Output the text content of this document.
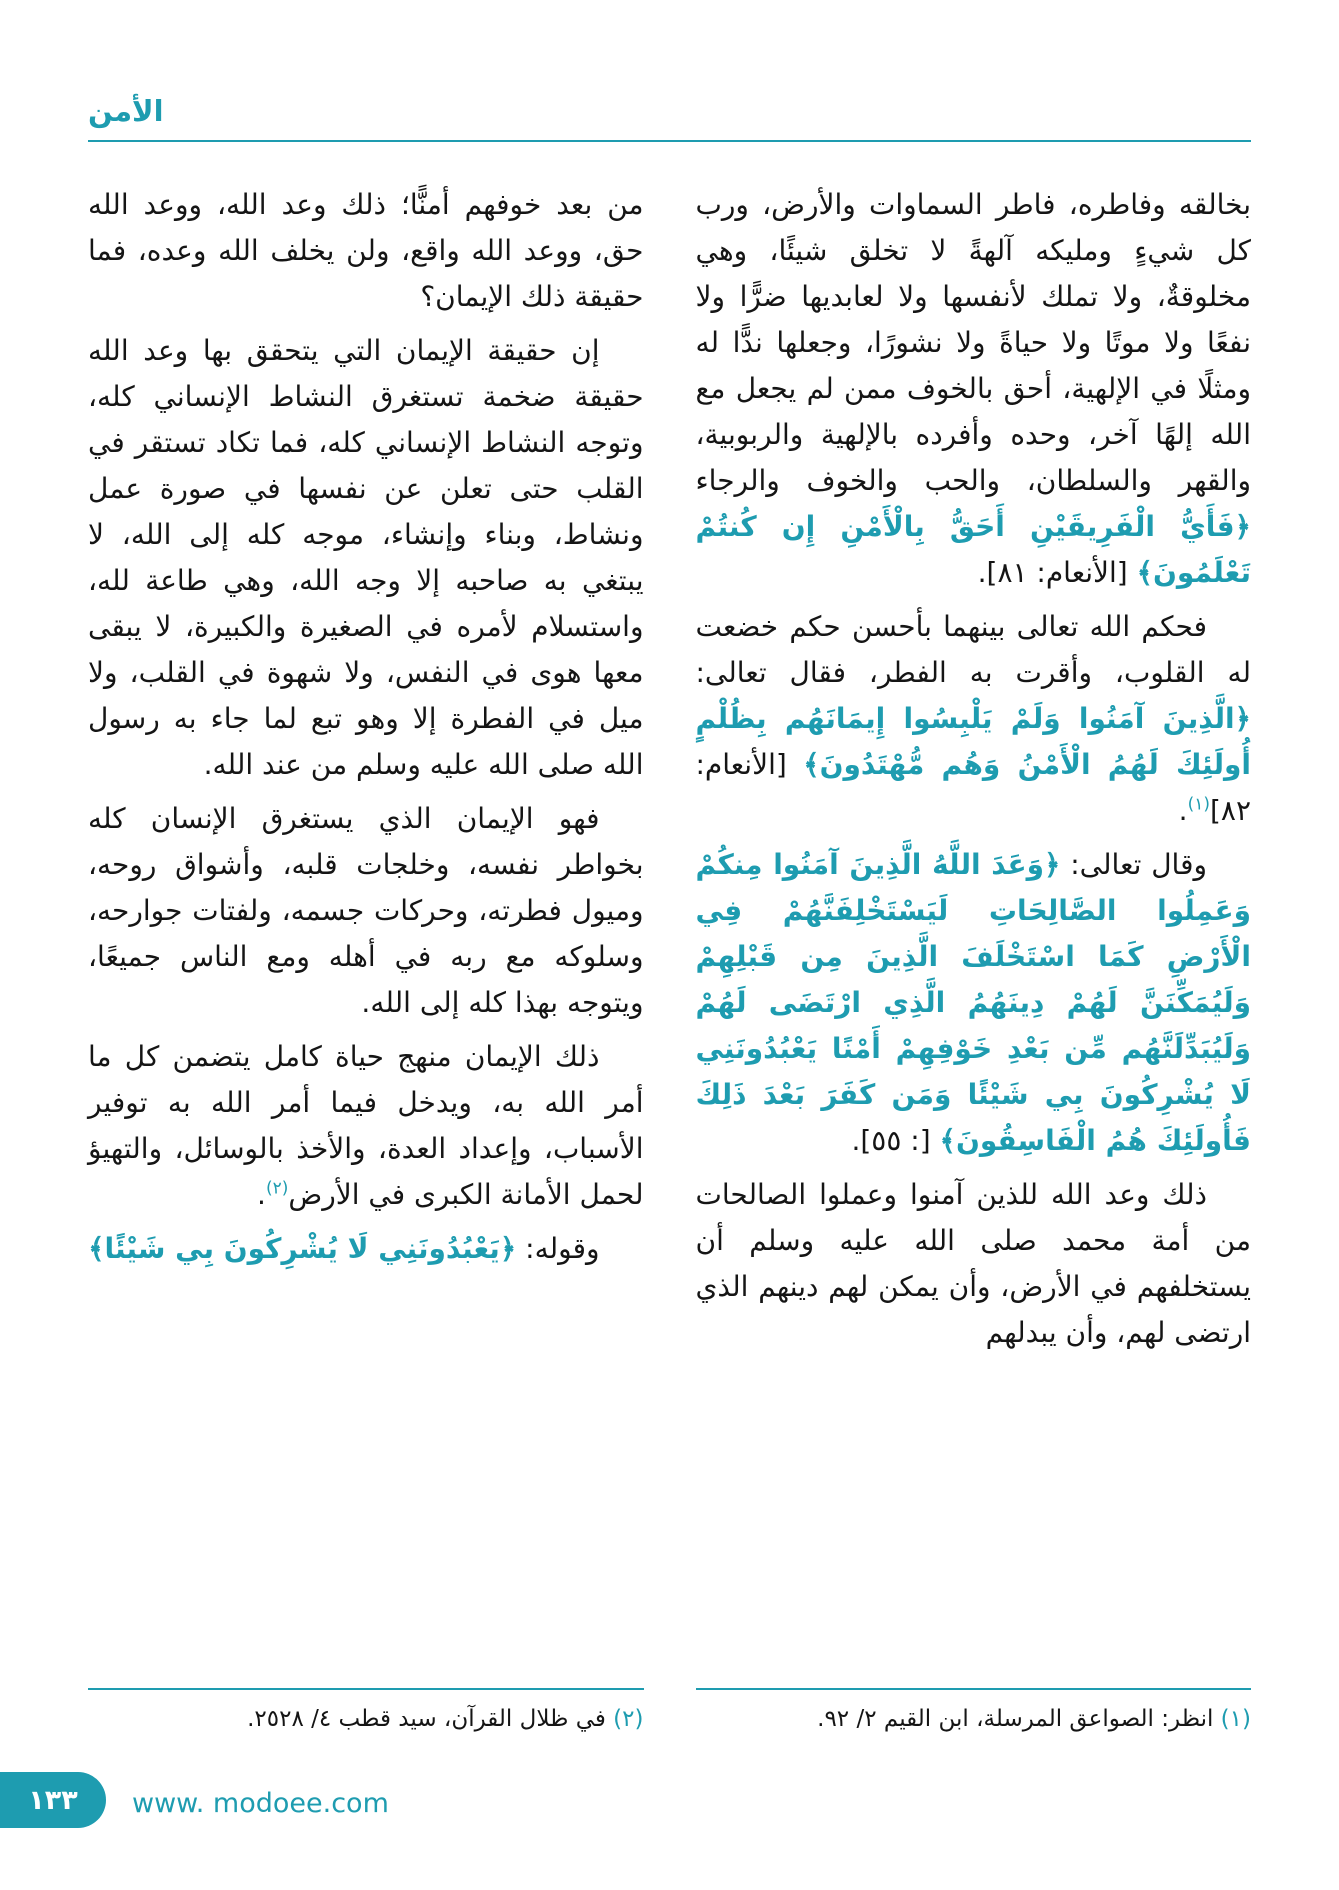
الأمن

بخالقه وفاطره، فاطر السماوات والأرض، ورب كل شيءٍ ومليكه آلهةً لا تخلق شيئًا، وهي مخلوقةٌ، ولا تملك لأنفسها ولا لعابديها ضرًّا ولا نفعًا ولا موتًا ولا حياةً ولا نشورًا، وجعلها ندًّا له ومثلًا في الإلهية، أحق بالخوف ممن لم يجعل مع الله إلهًا آخر، وحده وأفرده بالإلهية والربوبية، والقهر والسلطان، والحب والخوف والرجاء ﴿فَأَيُّ الْفَرِيقَيْنِ أَحَقُّ بِالْأَمْنِ إِن كُنتُمْ تَعْلَمُونَ﴾ [الأنعام: ٨١].

فحكم الله تعالى بينهما بأحسن حكم خضعت له القلوب، وأقرت به الفطر، فقال تعالى: ﴿الَّذِينَ آمَنُوا وَلَمْ يَلْبِسُوا إِيمَانَهُم بِظُلْمٍ أُولَئِكَ لَهُمُ الْأَمْنُ وَهُم مُّهْتَدُونَ﴾ [الأنعام: ٨٢]$^{(١)}$.

وقال تعالى: ﴿وَعَدَ اللَّهُ الَّذِينَ آمَنُوا مِنكُمْ وَعَمِلُوا الصَّالِحَاتِ لَيَسْتَخْلِفَنَّهُمْ فِي الْأَرْضِ كَمَا اسْتَخْلَفَ الَّذِينَ مِن قَبْلِهِمْ وَلَيُمَكِّنَنَّ لَهُمْ دِينَهُمُ الَّذِي ارْتَضَى لَهُمْ وَلَيُبَدِّلَنَّهُم مِّن بَعْدِ خَوْفِهِمْ أَمْنًا يَعْبُدُونَنِي لَا يُشْرِكُونَ بِي شَيْئًا وَمَن كَفَرَ بَعْدَ ذَلِكَ فَأُولَئِكَ هُمُ الْفَاسِقُونَ﴾ [: ٥٥].

ذلك وعد الله للذين آمنوا وعملوا الصالحات من أمة محمد صلى الله عليه وسلم أن يستخلفهم في الأرض، وأن يمكن لهم دينهم الذي ارتضى لهم، وأن يبدلهم

من بعد خوفهم أمنًّا؛ ذلك وعد الله، ووعد الله حق، ووعد الله واقع، ولن يخلف الله وعده، فما حقيقة ذلك الإيمان؟

إن حقيقة الإيمان التي يتحقق بها وعد الله حقيقة ضخمة تستغرق النشاط الإنساني كله، وتوجه النشاط الإنساني كله، فما تكاد تستقر في القلب حتى تعلن عن نفسها في صورة عمل ونشاط، وبناء وإنشاء، موجه كله إلى الله، لا يبتغي به صاحبه إلا وجه الله، وهي طاعة لله، واستسلام لأمره في الصغيرة والكبيرة، لا يبقى معها هوى في النفس، ولا شهوة في القلب، ولا ميل في الفطرة إلا وهو تبع لما جاء به رسول الله صلى الله عليه وسلم من عند الله.

فهو الإيمان الذي يستغرق الإنسان كله بخواطر نفسه، وخلجات قلبه، وأشواق روحه، وميول فطرته، وحركات جسمه، ولفتات جوارحه، وسلوكه مع ربه في أهله ومع الناس جميعًا، ويتوجه بهذا كله إلى الله.

ذلك الإيمان منهج حياة كامل يتضمن كل ما أمر الله به، ويدخل فيما أمر الله به توفير الأسباب، وإعداد العدة، والأخذ بالوسائل، والتهيؤ لحمل الأمانة الكبرى في الأرض$^{(٢)}$.

وقوله: ﴿يَعْبُدُونَنِي لَا يُشْرِكُونَ بِي شَيْئًا﴾

(١) انظر: الصواعق المرسلة، ابن القيم ٢/ ٩٢.
(٢) في ظلال القرآن، سيد قطب ٤/ ٢٥٢٨.
١٣٣ www. modoee.com
